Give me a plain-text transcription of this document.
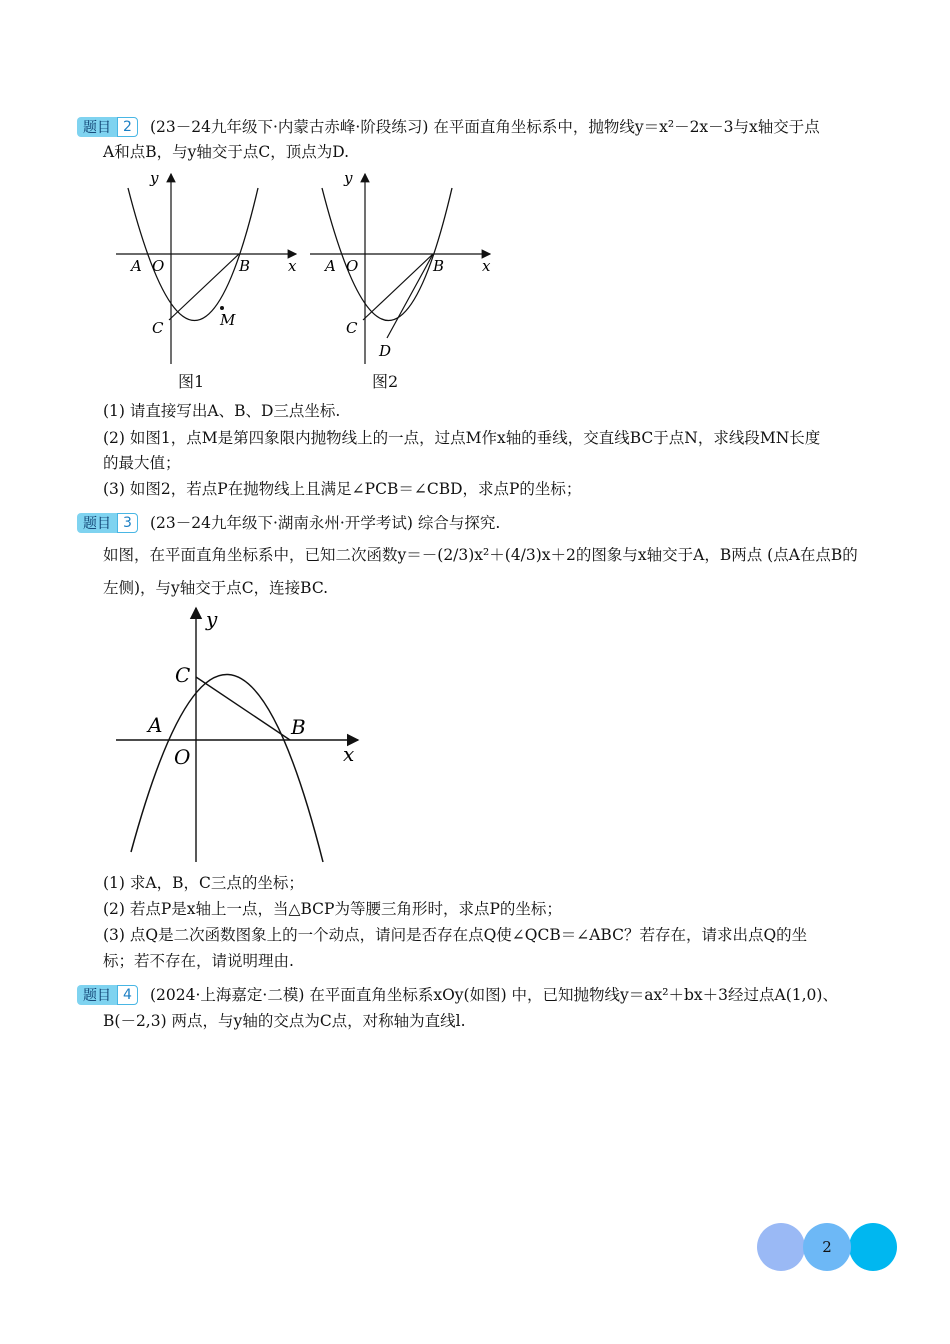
题目 2	(23－24九年级下·内蒙古赤峰·阶段练习) 在平面直角坐标系中，抛物线y＝x²－2x－3与x轴交于点
A和点B，与y轴交于点C，顶点为D.
y
x
A O	B
C	M
图1
y
x
A O	B
C
D
图2
(1) 请直接写出A、B、D三点坐标.
(2) 如图1，点M是第四象限内抛物线上的一点，过点M作x轴的垂线，交直线BC于点N，求线段MN长度
的最大值；
(3) 如图2，若点P在抛物线上且满足∠PCB＝∠CBD，求点P的坐标；
题目 3	(23－24九年级下·湖南永州·开学考试) 综合与探究.
如图，在平面直角坐标系中，已知二次函数y＝－(2/3)x²＋(4/3)x＋2的图象与x轴交于A，B两点 (点A在点B的
左侧)，与y轴交于点C，连接BC.
y
x
A
O
B
C
(1) 求A，B，C三点的坐标；
(2) 若点P是x轴上一点，当△BCP为等腰三角形时，求点P的坐标；
(3) 点Q是二次函数图象上的一个动点，请问是否存在点Q使∠QCB＝∠ABC？若存在，请求出点Q的坐
标；若不存在，请说明理由.
题目 4	(2024·上海嘉定·二模) 在平面直角坐标系xOy(如图) 中，已知抛物线y＝ax²＋bx＋3经过点A(1,0)、
B(－2,3) 两点，与y轴的交点为C点，对称轴为直线l.
2
